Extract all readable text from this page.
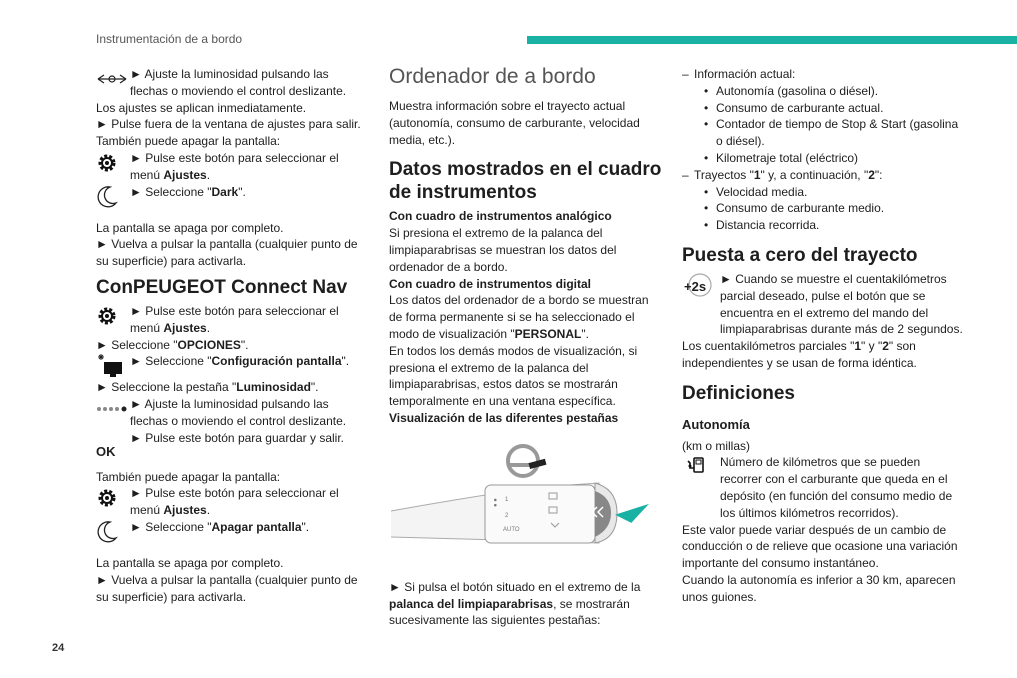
Instrumentación de a bordo

► Ajuste la luminosidad pulsando las flechas o moviendo el control deslizante.

Los ajustes se aplican inmediatamente.

► Pulse fuera de la ventana de ajustes para salir.

También puede apagar la pantalla:

► Pulse este botón para seleccionar el menú Ajustes.

► Seleccione "Dark".

La pantalla se apaga por completo.

► Vuelva a pulsar la pantalla (cualquier punto de su superficie) para activarla.

ConPEUGEOT Connect Nav

► Pulse este botón para seleccionar el menú Ajustes.

► Seleccione "OPCIONES".

► Seleccione "Configuración pantalla".

► Seleccione la pestaña "Luminosidad".

► Ajuste la luminosidad pulsando las flechas o moviendo el control deslizante.

OK

► Pulse este botón para guardar y salir.

También puede apagar la pantalla:

► Pulse este botón para seleccionar el menú Ajustes.

► Seleccione "Apagar pantalla".

La pantalla se apaga por completo.

► Vuelva a pulsar la pantalla (cualquier punto de su superficie) para activarla.

Ordenador de a bordo

Muestra información sobre el trayecto actual (autonomía, consumo de carburante, velocidad media, etc.).

Datos mostrados en el cuadro de instrumentos

Con cuadro de instrumentos analógico

Si presiona el extremo de la palanca del limpiaparabrisas se muestran los datos del ordenador de a bordo.

Con cuadro de instrumentos digital

Los datos del ordenador de a bordo se muestran de forma permanente si se ha seleccionado el modo de visualización "PERSONAL".

En todos los demás modos de visualización, si presiona el extremo de la palanca del limpiaparabrisas, estos datos se mostrarán temporalmente en una ventana específica.

Visualización de las diferentes pestañas

● ● 1
2
AUTO

► Si pulsa el botón situado en el extremo de la palanca del limpiaparabrisas, se mostrarán sucesivamente las siguientes pestañas:

– Información actual:
• Autonomía (gasolina o diésel).
• Consumo de carburante actual.
• Contador de tiempo de Stop & Start (gasolina o diésel).
• Kilometraje total (eléctrico)
– Trayectos "1" y, a continuación, "2":
• Velocidad media.
• Consumo de carburante medio.
• Distancia recorrida.
Puesta a cero del trayecto
+2s	► Cuando se muestre el cuentakilómetros parcial deseado, pulse el botón que se encuentra en el extremo del mando del limpiaparabrisas durante más de 2 segundos.

Los cuentakilómetros parciales "1" y "2" son independientes y se usan de forma idéntica.

Definiciones
Autonomía

(km o millas)

Número de kilómetros que se pueden recorrer con el carburante que queda en el depósito (en función del consumo medio de los últimos kilómetros recorridos).

Este valor puede variar después de un cambio de conducción o de relieve que ocasione una variación importante del consumo instantáneo.

Cuando la autonomía es inferior a 30 km, aparecen unos guiones.

24
